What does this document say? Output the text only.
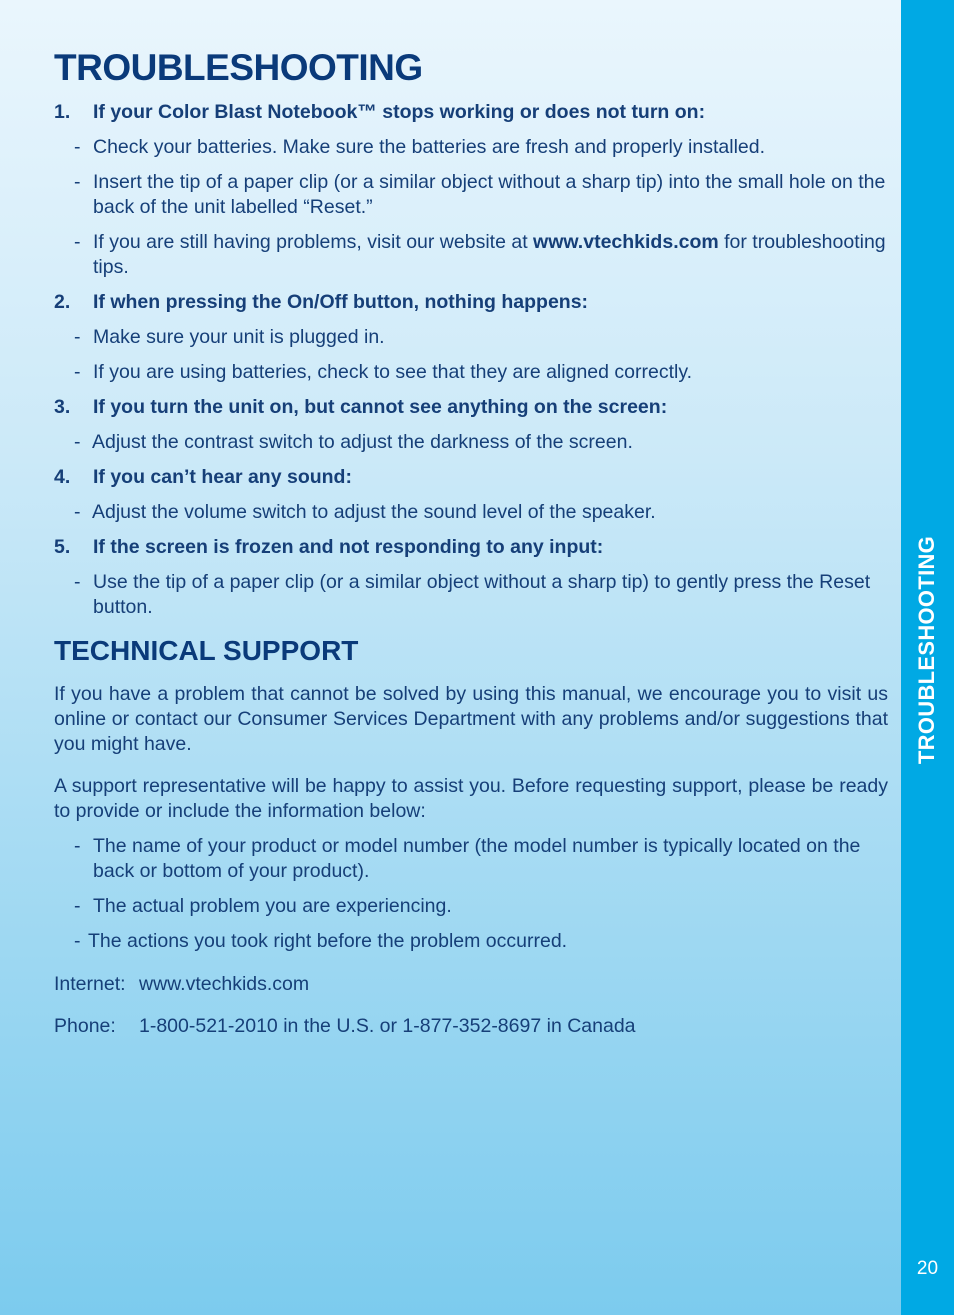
TROUBLESHOOTING
20
TROUBLESHOOTING
1.	If your Color Blast Notebook™ stops working or does not turn on:
- Check your batteries. Make sure the batteries are fresh and properly installed.
- Insert the tip of a paper clip (or a similar object without a sharp tip) into the small hole on the back of the unit labelled “Reset.”
- If you are still having problems, visit our website at www.vtechkids.com for troubleshooting tips.
2.	If when pressing the On/Off button, nothing happens:
- Make sure your unit is plugged in.
- If you are using batteries, check to see that they are aligned correctly.
3.	If you turn the unit on, but cannot see anything on the screen:
- Adjust the contrast switch to adjust the darkness of the screen.
4.	If you can’t hear any sound:
- Adjust the volume switch to adjust the sound level of the speaker.
5.	If the screen is frozen and not responding to any input:
- Use the tip of a paper clip (or a similar object without a sharp tip) to gently press the Reset button.
TECHNICAL SUPPORT

If you have a problem that cannot be solved by using this manual, we encourage you to visit us online or contact our Consumer Services Department with any problems and/or suggestions that you might have.

A support representative will be happy to assist you. Before requesting support, please be ready to provide or include the information below:

- The name of your product or model number (the model number is typically located on the back or bottom of your product).
- The actual problem you are experiencing.
- The actions you took right before the problem occurred.
Internet: www.vtechkids.com
Phone: 1-800-521-2010 in the U.S. or 1-877-352-8697 in Canada
